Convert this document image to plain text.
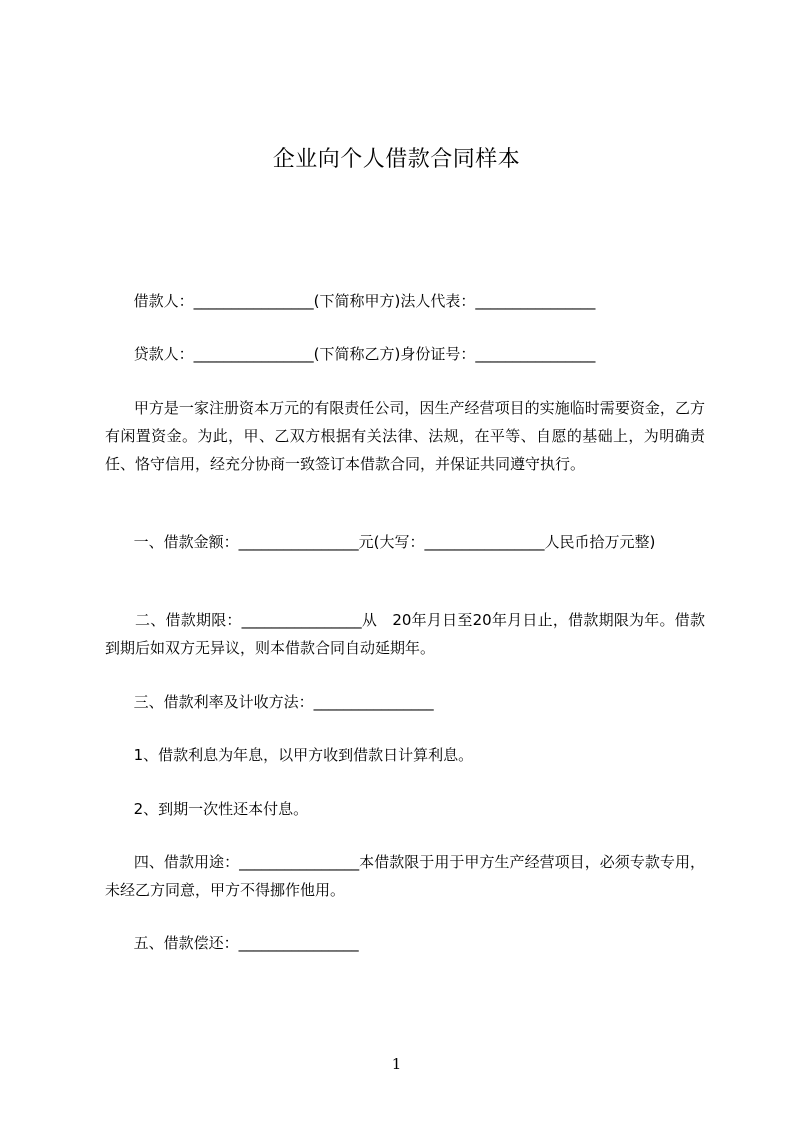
企业向个人借款合同样本
借款人：________________(下简称甲方)法人代表：________________
贷款人：________________(下简称乙方)身份证号：________________
甲方是一家注册资本万元的有限责任公司，因生产经营项目的实施临时需要资金，乙方有闲置资金。为此，甲、乙双方根据有关法律、法规，在平等、自愿的基础上，为明确责任、恪守信用，经充分协商一致签订本借款合同，并保证共同遵守执行。
一、借款金额：________________元(大写：________________人民币拾万元整)
二、借款期限：________________从　20年月日至20年月日止，借款期限为年。借款到期后如双方无异议，则本借款合同自动延期年。
三、借款利率及计收方法：________________
1、借款利息为年息，以甲方收到借款日计算利息。
2、到期一次性还本付息。
四、借款用途：________________本借款限于用于甲方生产经营项目，必须专款专用，未经乙方同意，甲方不得挪作他用。
五、借款偿还：________________
1
